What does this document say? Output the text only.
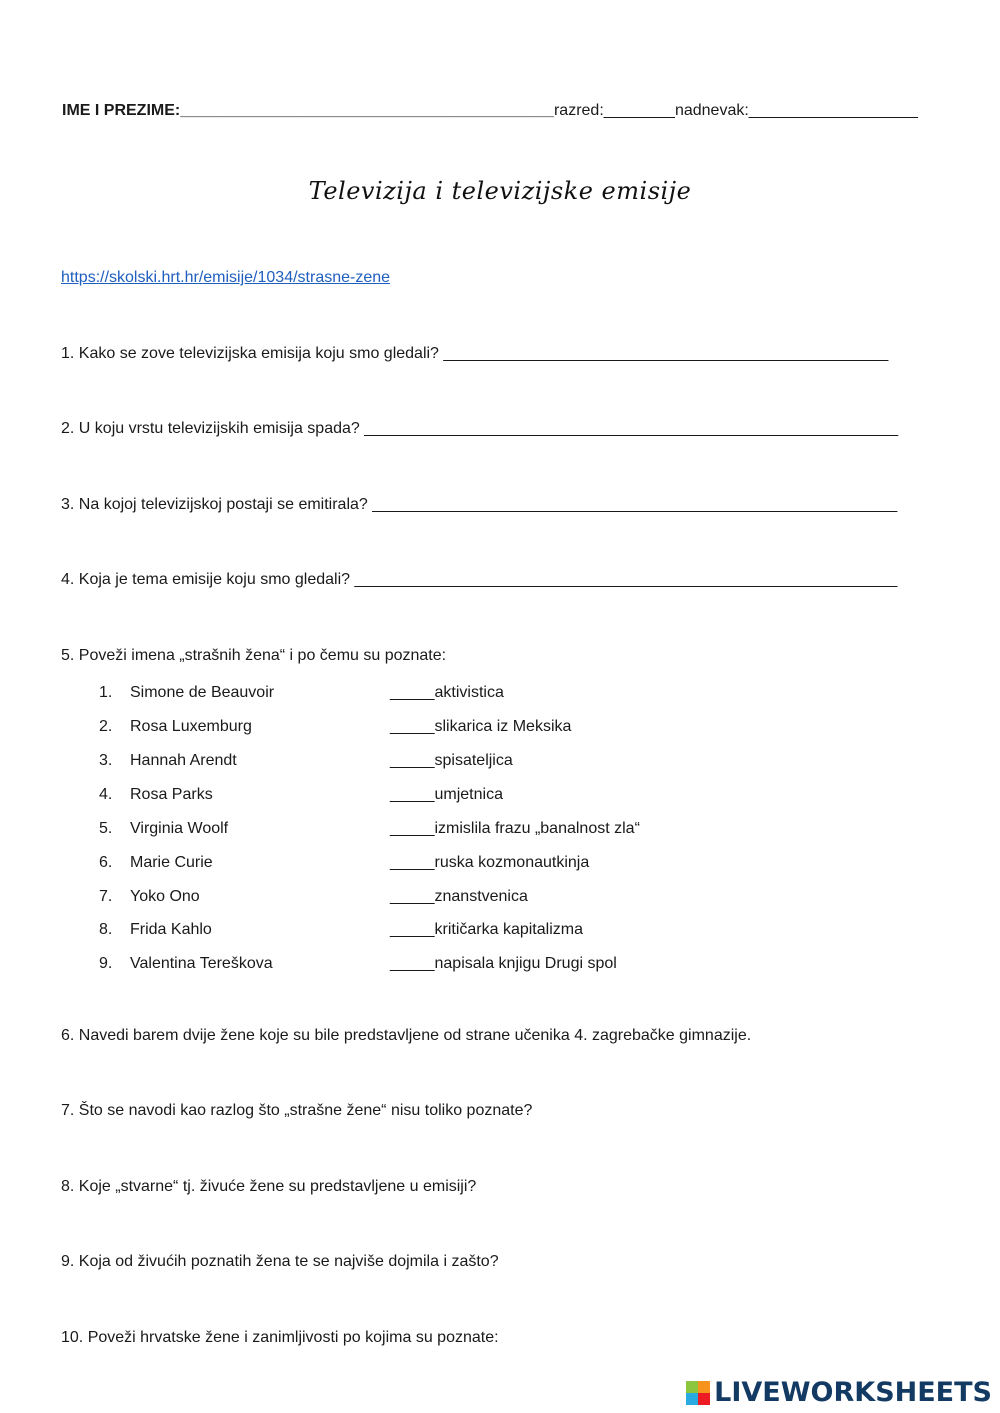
IME I PREZIME:__________________________________________razred:________nadnevak:___________________
Televizija i televizijske emisije
https://skolski.hrt.hr/emisije/1034/strasne-zene
1. Kako se zove televizijska emisija koju smo gledali? __________________________________________________
2. U koju vrstu televizijskih emisija spada? ____________________________________________________________
3. Na kojoj televizijskoj postaji se emitirala? ___________________________________________________________
4. Koja je tema emisije koju smo gledali? _____________________________________________________________
5. Poveži imena „strašnih žena“ i po čemu su poznate:
1.	Simone de Beauvoir	_____aktivistica
2.	Rosa Luxemburg	_____slikarica iz Meksika
3.	Hannah Arendt	_____spisateljica
4.	Rosa Parks	_____umjetnica
5.	Virginia Woolf	_____izmislila frazu „banalnost zla“
6.	Marie Curie	_____ruska kozmonautkinja
7.	Yoko Ono	_____znanstvenica
8.	Frida Kahlo	_____kritičarka kapitalizma
9.	Valentina Tereškova	_____napisala knjigu Drugi spol
6. Navedi barem dvije žene koje su bile predstavljene od strane učenika 4. zagrebačke gimnazije.
7. Što se navodi kao razlog što „strašne žene“ nisu toliko poznate?
8. Koje „stvarne“ tj. živuće žene su predstavljene u emisiji?
9. Koja od živućih poznatih žena te se najviše dojmila i zašto?
10. Poveži hrvatske žene i zanimljivosti po kojima su poznate:
LIVEWORKSHEETS
